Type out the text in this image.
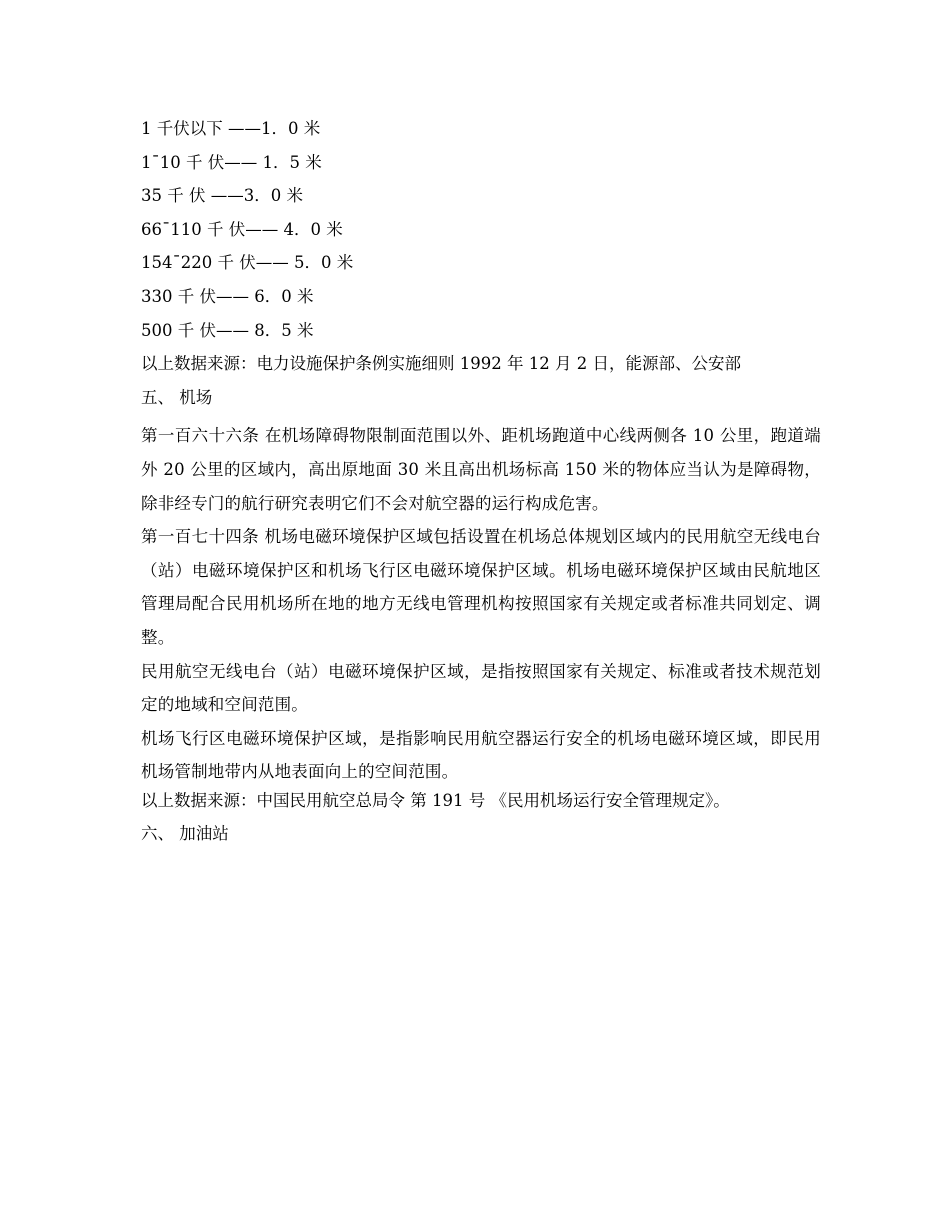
1 千伏以下 ——1．0 米
1¯10 千 伏—— 1．5 米
35 千 伏 ——3．0 米
66¯110 千 伏—— 4．0 米
154¯220 千 伏—— 5．0 米
330 千 伏—— 6．0 米
500 千 伏—— 8．5 米
以上数据来源：电力设施保护条例实施细则 1992 年 12 月 2 日，能源部、公安部
五、 机场

第一百六十六条 在机场障碍物限制面范围以外、距机场跑道中心线两侧各 10 公里，跑道端外 20 公里的区域内，高出原地面 30 米且高出机场标高 150 米的物体应当认为是障碍物，除非经专门的航行研究表明它们不会对航空器的运行构成危害。

第一百七十四条 机场电磁环境保护区域包括设置在机场总体规划区域内的民用航空无线电台（站）电磁环境保护区和机场飞行区电磁环境保护区域。机场电磁环境保护区域由民航地区管理局配合民用机场所在地的地方无线电管理机构按照国家有关规定或者标准共同划定、调整。

民用航空无线电台（站）电磁环境保护区域，是指按照国家有关规定、标准或者技术规范划定的地域和空间范围。

机场飞行区电磁环境保护区域，是指影响民用航空器运行安全的机场电磁环境区域，即民用机场管制地带内从地表面向上的空间范围。

以上数据来源：中国民用航空总局令 第 191 号 《民用机场运行安全管理规定》。
六、 加油站
